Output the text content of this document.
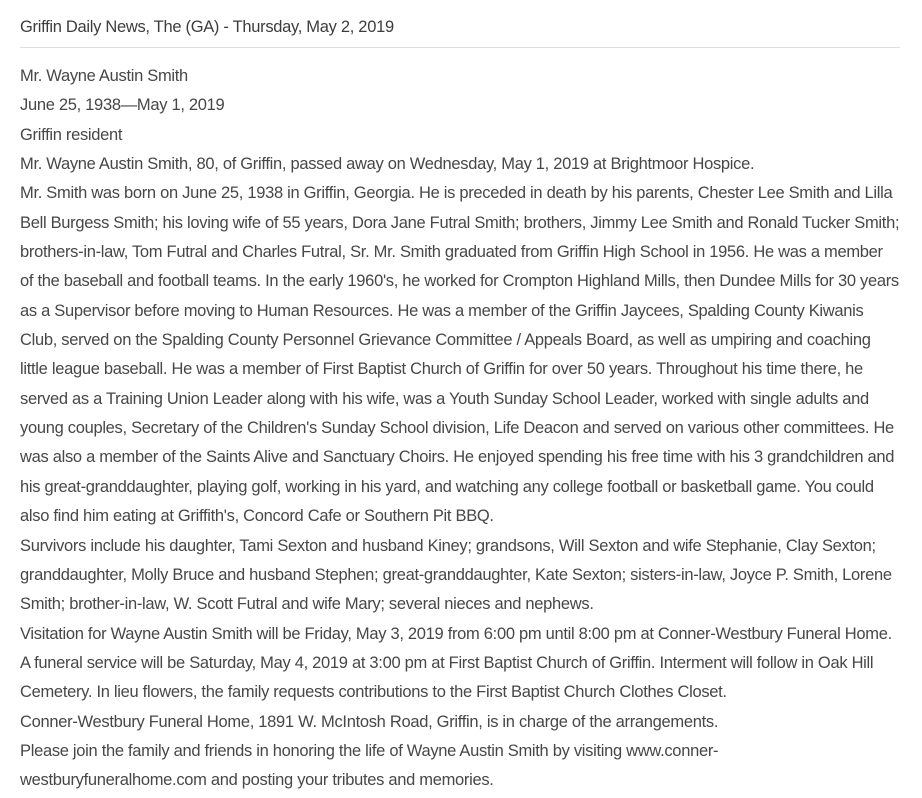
Griffin Daily News, The (GA) - Thursday, May 2, 2019

Mr. Wayne Austin Smith

June 25, 1938—May 1, 2019

Griffin resident

Mr. Wayne Austin Smith, 80, of Griffin, passed away on Wednesday, May 1, 2019 at Brightmoor Hospice.

Mr. Smith was born on June 25, 1938 in Griffin, Georgia. He is preceded in death by his parents, Chester Lee Smith and Lilla Bell Burgess Smith; his loving wife of 55 years, Dora Jane Futral Smith; brothers, Jimmy Lee Smith and Ronald Tucker Smith; brothers-in-law, Tom Futral and Charles Futral, Sr. Mr. Smith graduated from Griffin High School in 1956. He was a member of the baseball and football teams. In the early 1960's, he worked for Crompton Highland Mills, then Dundee Mills for 30 years as a Supervisor before moving to Human Resources. He was a member of the Griffin Jaycees, Spalding County Kiwanis Club, served on the Spalding County Personnel Grievance Committee / Appeals Board, as well as umpiring and coaching little league baseball. He was a member of First Baptist Church of Griffin for over 50 years. Throughout his time there, he served as a Training Union Leader along with his wife, was a Youth Sunday School Leader, worked with single adults and young couples, Secretary of the Children's Sunday School division, Life Deacon and served on various other committees. He was also a member of the Saints Alive and Sanctuary Choirs. He enjoyed spending his free time with his 3 grandchildren and his great-granddaughter, playing golf, working in his yard, and watching any college football or basketball game. You could also find him eating at Griffith's, Concord Cafe or Southern Pit BBQ.

Survivors include his daughter, Tami Sexton and husband Kiney; grandsons, Will Sexton and wife Stephanie, Clay Sexton; granddaughter, Molly Bruce and husband Stephen; great-granddaughter, Kate Sexton; sisters-in-law, Joyce P. Smith, Lorene Smith; brother-in-law, W. Scott Futral and wife Mary; several nieces and nephews.

Visitation for Wayne Austin Smith will be Friday, May 3, 2019 from 6:00 pm until 8:00 pm at Conner-Westbury Funeral Home. A funeral service will be Saturday, May 4, 2019 at 3:00 pm at First Baptist Church of Griffin. Interment will follow in Oak Hill Cemetery. In lieu flowers, the family requests contributions to the First Baptist Church Clothes Closet.

Conner-Westbury Funeral Home, 1891 W. McIntosh Road, Griffin, is in charge of the arrangements.

Please join the family and friends in honoring the life of Wayne Austin Smith by visiting www.conner-westburyfuneralhome.com and posting your tributes and memories.
